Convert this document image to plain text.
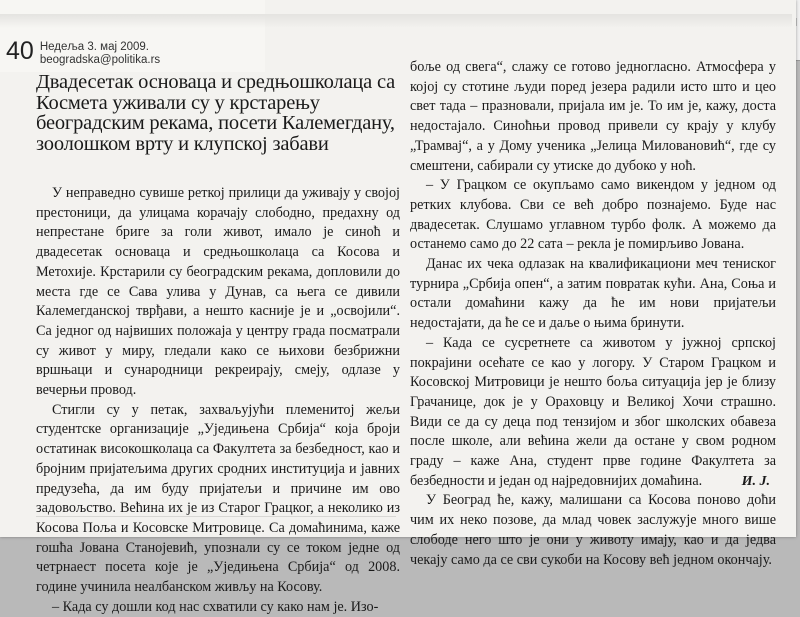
40 Недеља 3. мај 2009.
beogradska@politika.rs
Двадесетак основаца и средњошколаца са Космета уживали су у крстарењу београдским рекама, посети Калемегдану, зоолошком врту и клупској забави

У неправедно сувише реткој прилици да уживају у својој престоници, да улицама корачају слободно, предахну од непрестане бриге за голи живот, имало је синоћ и двадесетак основаца и средњошколаца са Косова и Метохије. Крстарили су београдским рекама, допловили до места где се Сава улива у Дунав, са њега се дивили Калемегданској тврђави, а нешто касније је и „освојили“. Са једног од највиших положаја у центру града посматрали су живот у миру, гледали како се њихови безбрижни вршњаци и сународници рекреирају, смеју, одлазе у вечерњи провод.

Стигли су у петак, захваљујући племенитој жељи студентске организације „Уједињена Србија“ која броји остатинак високошколаца са Факултета за безбедност, као и бројним пријатељима других сродних институција и јавних предузећа, да им буду пријатељи и причине им ово задовољство. Већина их је из Старог Грацког, а неколико из Косова Поља и Косовске Митровице. Са домаћинима, каже гошћа Јована Станојевић, упознали су се током једне од четрнаест посета које је „Уједињена Србија“ од 2008. године учинила неалбанском живљу на Косову.

– Када су дошли код нас схватили су како нам је. Изо-

боље од свега“, слажу се готово једногласно. Атмосфера у којој су стотине људи поред језера радили исто што и цео свет тада – празновали, пријала им је. То им је, кажу, доста недостајало. Синоћњи провод привели су крају у клубу „Трамвај“, а у Дому ученика „Јелица Миловановић“, где су смештени, сабирали су утиске до дубоко у ноћ.

– У Грацком се окупљамо само викендом у једном од ретких клубова. Сви се већ добро познајемо. Буде нас двадесетак. Слушамо углавном турбо фолк. А можемо да останемо само до 22 сата – рекла је помирљиво Јована.

Данас их чека одлазак на квалификациони меч тениског турнира „Србија опен“, а затим повратак кући. Ана, Соња и остали домаћини кажу да ће им нови пријатељи недостајати, да ће се и даље о њима бринути.

– Када се сусретнете са животом у јужној српској покрајини осећате се као у логору. У Старом Грацком и Косовској Митровици је нешто боља ситуација јер је близу Грачанице, док је у Ораховцу и Великој Хочи страшно. Види се да су деца под тензијом и због школских обавеза после школе, али већина жели да остане у свом родном граду – каже Ана, студент прве године Факултета за безбедности и један од најредовнијих домаћина.

У Београд ће, кажу, малишани са Косова поново доћи чим их неко позове, да млад човек заслужује много више слободе него што је они у животу имају, као и да једва чекају само да се сви сукоби на Косову већ једном окончају.

И. Ј.
